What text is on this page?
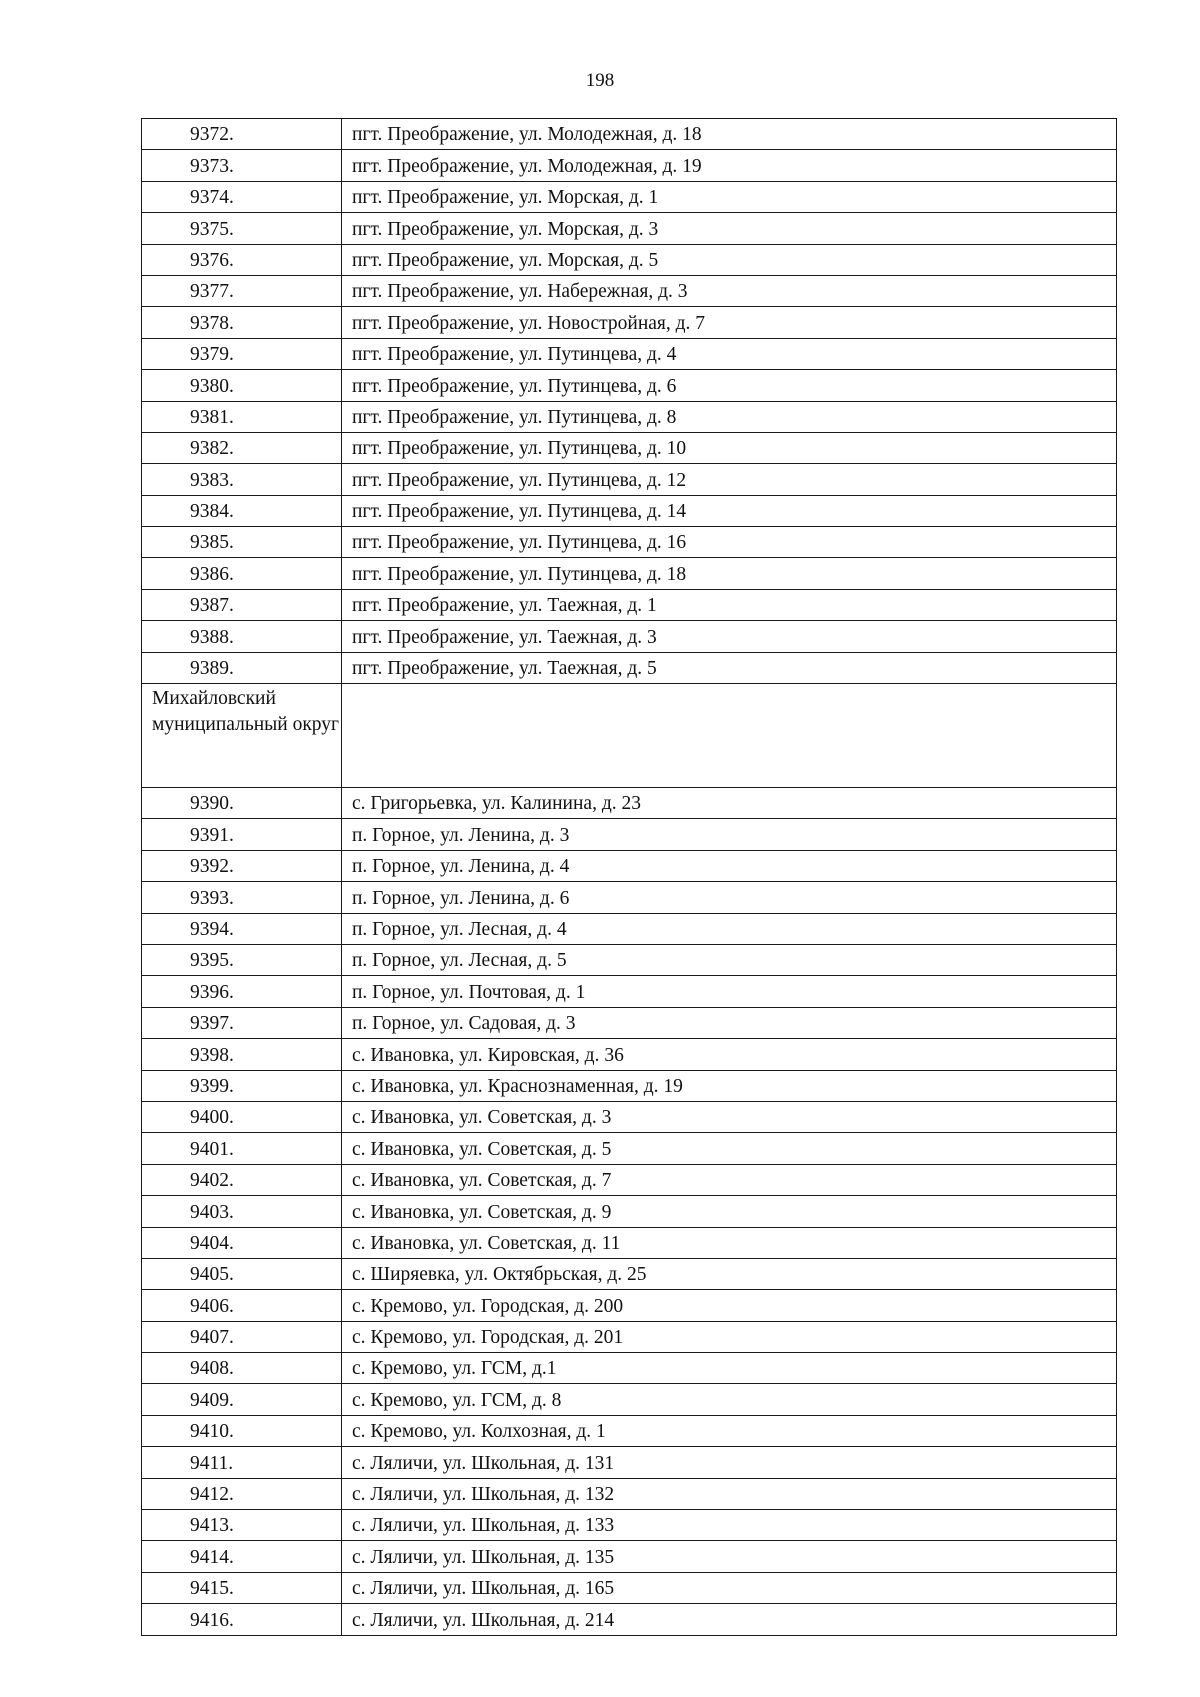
198
9372.	пгт. Преображение, ул. Молодежная, д. 18
9373.	пгт. Преображение, ул. Молодежная, д. 19
9374.	пгт. Преображение, ул. Морская, д. 1
9375.	пгт. Преображение, ул. Морская, д. 3
9376.	пгт. Преображение, ул. Морская, д. 5
9377.	пгт. Преображение, ул. Набережная, д. 3
9378.	пгт. Преображение, ул. Новостройная, д. 7
9379.	пгт. Преображение, ул. Путинцева, д. 4
9380.	пгт. Преображение, ул. Путинцева, д. 6
9381.	пгт. Преображение, ул. Путинцева, д. 8
9382.	пгт. Преображение, ул. Путинцева, д. 10
9383.	пгт. Преображение, ул. Путинцева, д. 12
9384.	пгт. Преображение, ул. Путинцева, д. 14
9385.	пгт. Преображение, ул. Путинцева, д. 16
9386.	пгт. Преображение, ул. Путинцева, д. 18
9387.	пгт. Преображение, ул. Таежная, д. 1
9388.	пгт. Преображение, ул. Таежная, д. 3
9389.	пгт. Преображение, ул. Таежная, д. 5
Михайловский муниципальный округ	
9390.	с. Григорьевка, ул. Калинина, д. 23
9391.	п. Горное, ул. Ленина, д. 3
9392.	п. Горное, ул. Ленина, д. 4
9393.	п. Горное, ул. Ленина, д. 6
9394.	п. Горное, ул. Лесная, д. 4
9395.	п. Горное, ул. Лесная, д. 5
9396.	п. Горное, ул. Почтовая, д. 1
9397.	п. Горное, ул. Садовая, д. 3
9398.	с. Ивановка, ул. Кировская, д. 36
9399.	с. Ивановка, ул. Краснознаменная, д. 19
9400.	с. Ивановка, ул. Советская, д. 3
9401.	с. Ивановка, ул. Советская, д. 5
9402.	с. Ивановка, ул. Советская, д. 7
9403.	с. Ивановка, ул. Советская, д. 9
9404.	с. Ивановка, ул. Советская, д. 11
9405.	с. Ширяевка, ул. Октябрьская, д. 25
9406.	с. Кремово, ул. Городская, д. 200
9407.	с. Кремово, ул. Городская, д. 201
9408.	с. Кремово, ул. ГСМ, д.1
9409.	с. Кремово, ул. ГСМ, д. 8
9410.	с. Кремово, ул. Колхозная, д. 1
9411.	с. Ляличи, ул. Школьная, д. 131
9412.	с. Ляличи, ул. Школьная, д. 132
9413.	с. Ляличи, ул. Школьная, д. 133
9414.	с. Ляличи, ул. Школьная, д. 135
9415.	с. Ляличи, ул. Школьная, д. 165
9416.	с. Ляличи, ул. Школьная, д. 214
